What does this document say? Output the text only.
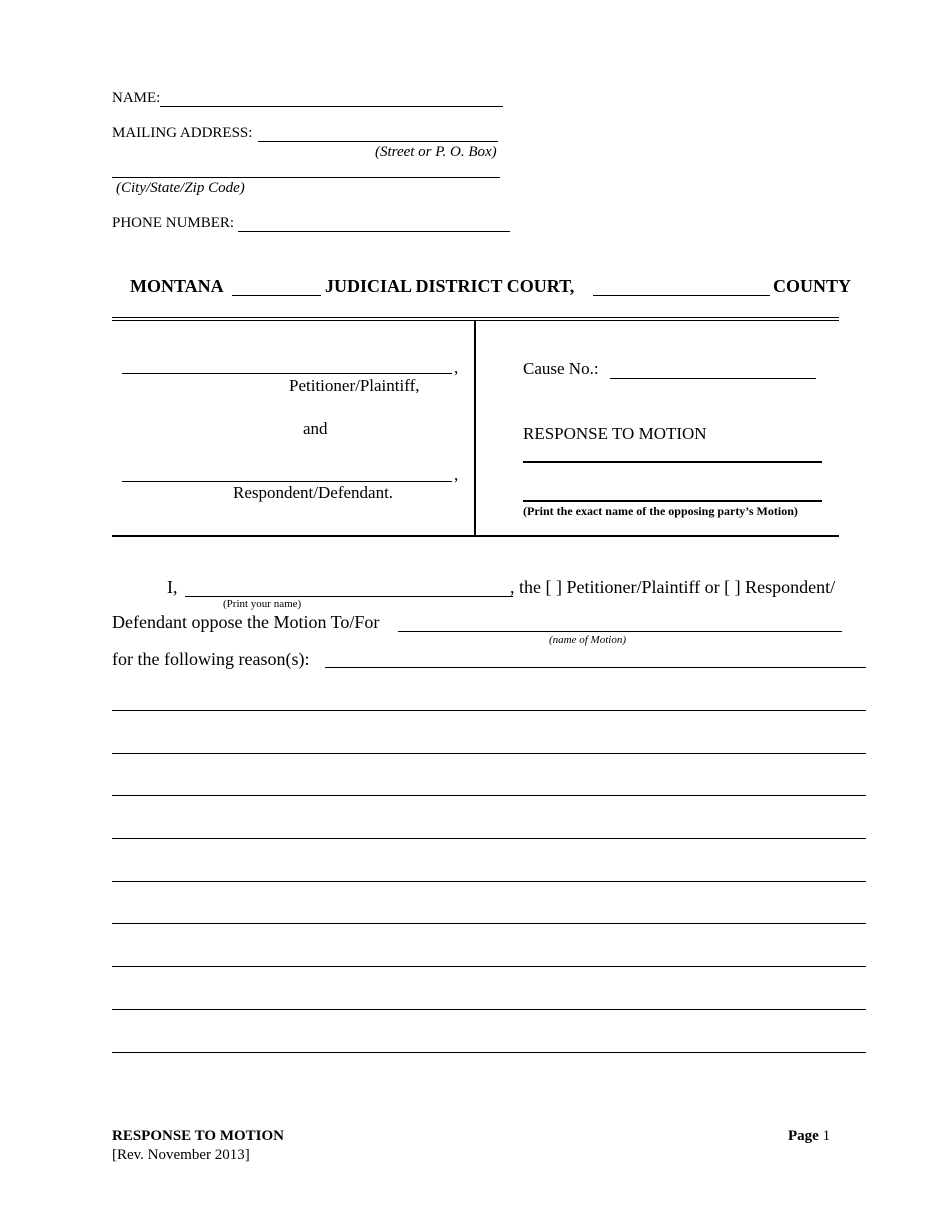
NAME:
MAILING ADDRESS:
(Street or P. O. Box)
(City/State/Zip Code)
PHONE NUMBER:
MONTANA	JUDICIAL DISTRICT COURT,	COUNTY
,
Petitioner/Plaintiff,
and
,
Respondent/Defendant.
Cause No.:
RESPONSE TO MOTION
(Print the exact name of the opposing party’s Motion)
I,	, the [ ] Petitioner/Plaintiff or [ ] Respondent/
(Print your name)
Defendant oppose the Motion To/For
(name of Motion)
for the following reason(s):
RESPONSE TO MOTION
[Rev. November 2013]
Page 1
